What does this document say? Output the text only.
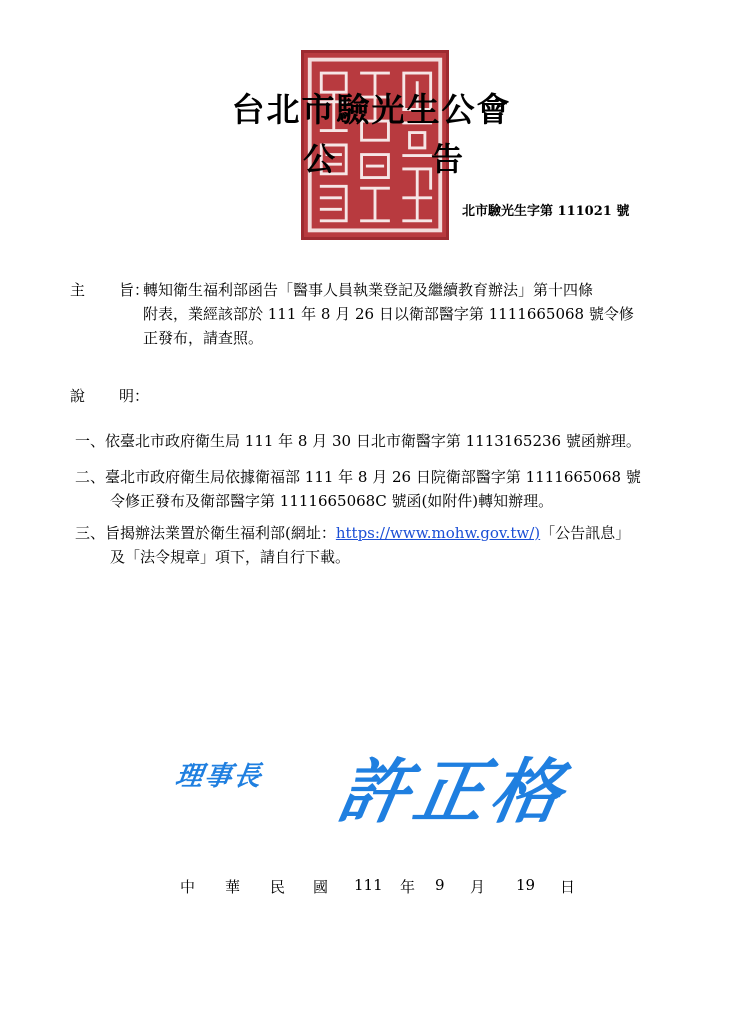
台北市驗光生公會
公	告
北市驗光生字第 111021 號
主 旨：
轉知衛生福利部函告「醫事人員執業登記及繼續教育辦法」第十四條
附表，業經該部於 111 年 8 月 26 日以衛部醫字第 1111665068 號令修
正發布，請查照。
說 明：
一、依臺北市政府衛生局 111 年 8 月 30 日北市衛醫字第 1113165236 號函辦理。
二、臺北市政府衛生局依據衛福部 111 年 8 月 26 日院衛部醫字第 1111665068 號
令修正發布及衛部醫字第 1111665068C 號函(如附件)轉知辦理。
三、旨揭辦法業置於衛生福利部(網址：https://www.mohw.gov.tw/)「公告訊息」
及「法令規章」項下，請自行下載。
理事長 許正格
中 華 民 國 111 年 9 月 19 日
